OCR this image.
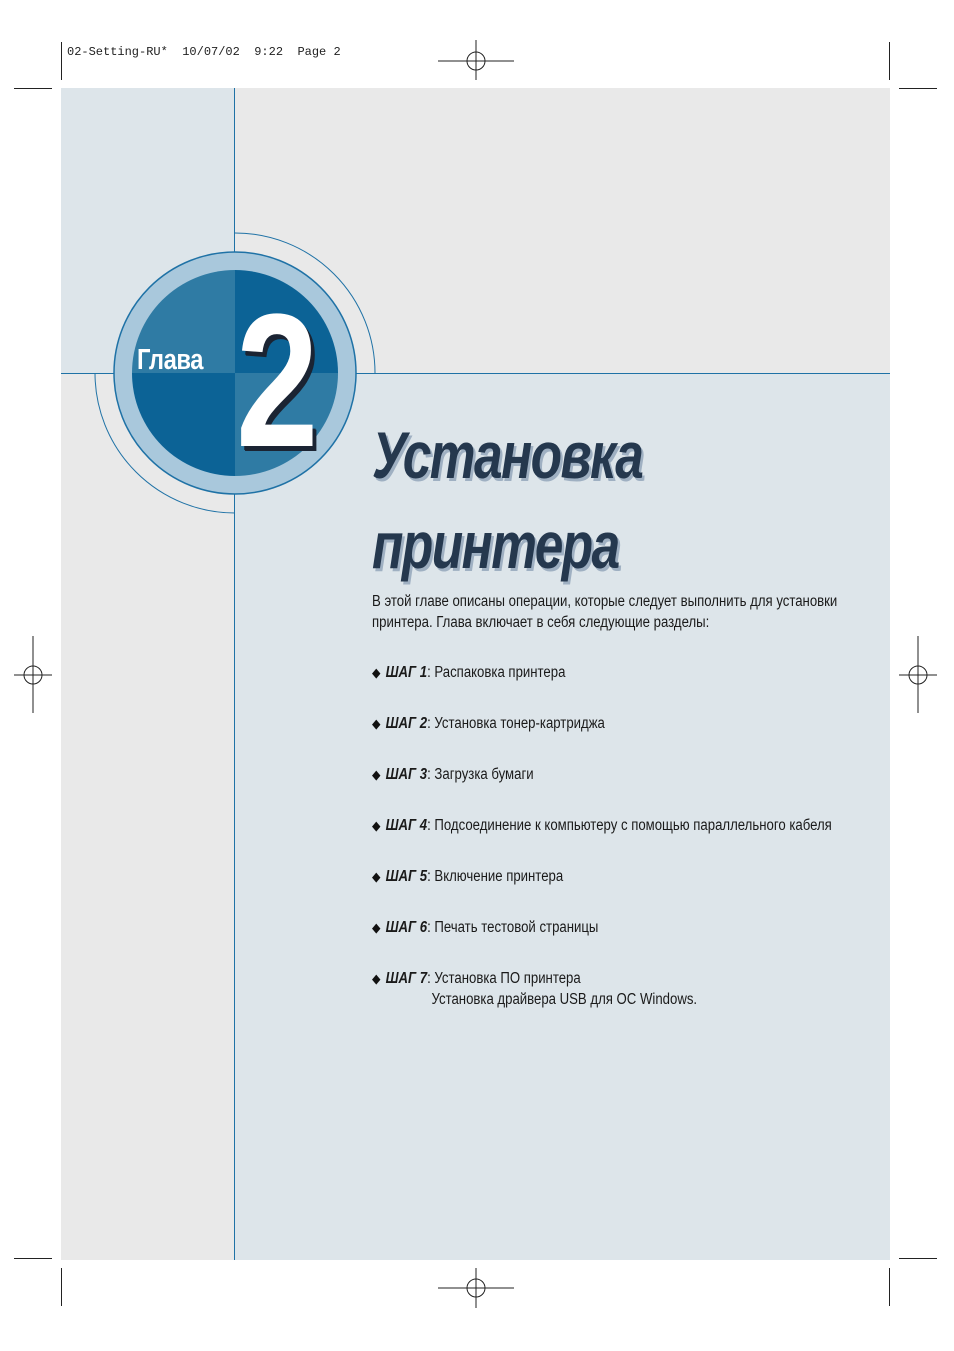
02-Setting-RU*  10/07/02  9:22  Page 2
Глава 2 Установка
принтера
В этой главе описаны операции, которые следует выполнить для установки принтера. Глава включает в себя следующие разделы:
◆ ШАГ 1: Распаковка принтера
◆ ШАГ 2: Установка тонер-картриджа
◆ ШАГ 3: Загрузка бумаги
◆ ШАГ 4: Подсоединение к компьютеру с помощью параллельного кабеля
◆ ШАГ 5: Включение принтера
◆ ШАГ 6: Печать тестовой страницы
◆ ШАГ 7: Установка ПО принтера
Установка драйвера USB для ОС Windows.
